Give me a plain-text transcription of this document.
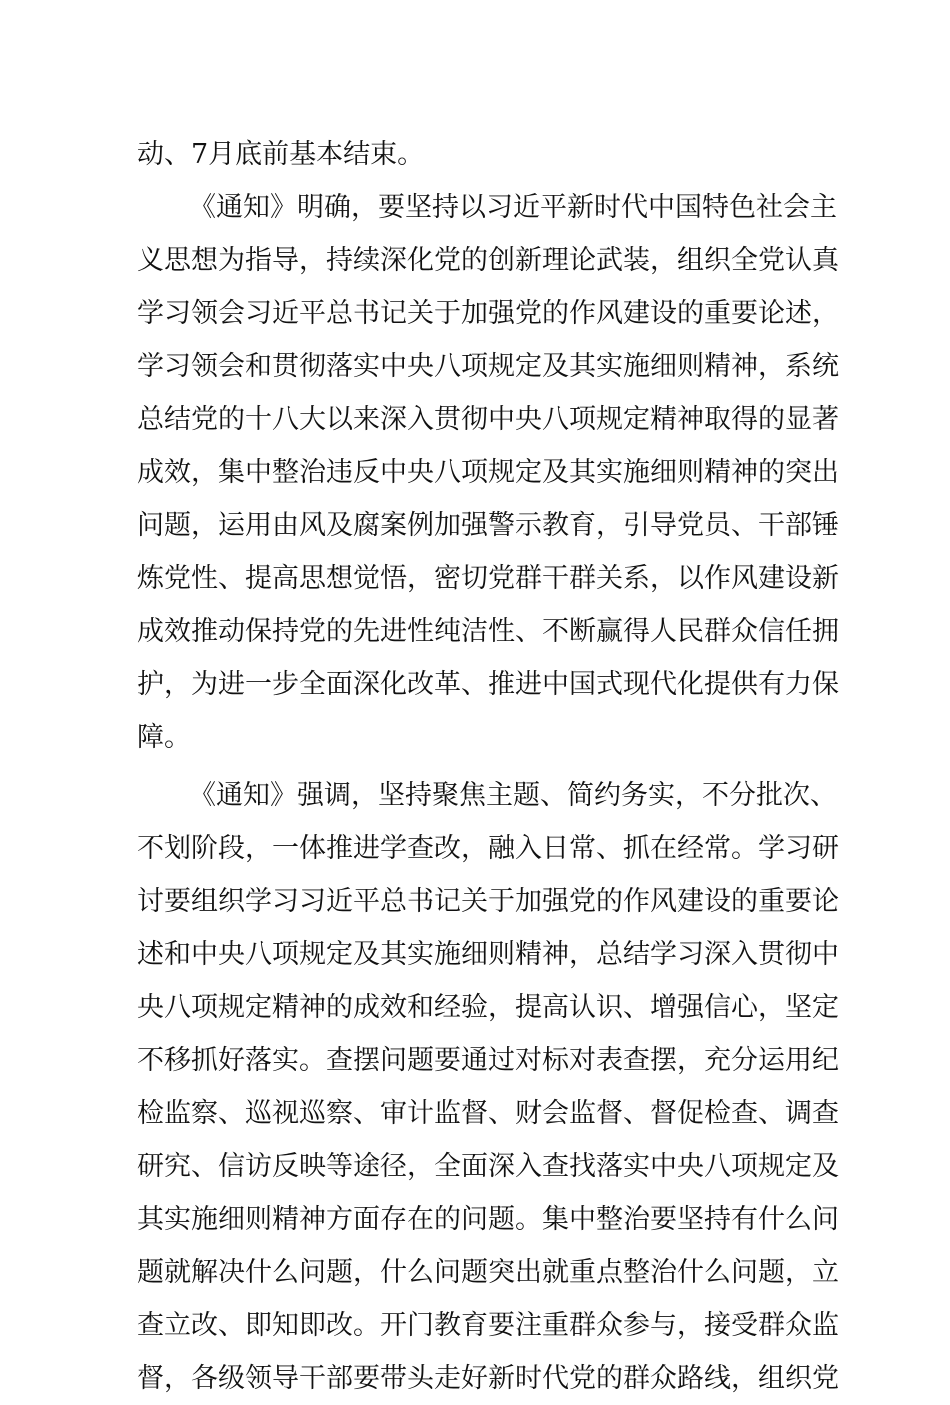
动、7月底前基本结束。
《通知》明确，要坚持以习近平新时代中国特色社会主
义思想为指导，持续深化党的创新理论武装，组织全党认真
学习领会习近平总书记关于加强党的作风建设的重要论述，
学习领会和贯彻落实中央八项规定及其实施细则精神，系统
总结党的十八大以来深入贯彻中央八项规定精神取得的显著
成效，集中整治违反中央八项规定及其实施细则精神的突出
问题，运用由风及腐案例加强警示教育，引导党员、干部锤
炼党性、提高思想觉悟，密切党群干群关系，以作风建设新
成效推动保持党的先进性纯洁性、不断赢得人民群众信任拥
护，为进一步全面深化改革、推进中国式现代化提供有力保
障。
《通知》强调，坚持聚焦主题、简约务实，不分批次、
不划阶段，一体推进学查改，融入日常、抓在经常。学习研
讨要组织学习习近平总书记关于加强党的作风建设的重要论
述和中央八项规定及其实施细则精神，总结学习深入贯彻中
央八项规定精神的成效和经验，提高认识、增强信心，坚定
不移抓好落实。查摆问题要通过对标对表查摆，充分运用纪
检监察、巡视巡察、审计监督、财会监督、督促检查、调查
研究、信访反映等途径，全面深入查找落实中央八项规定及
其实施细则精神方面存在的问题。集中整治要坚持有什么问
题就解决什么问题，什么问题突出就重点整治什么问题，立
查立改、即知即改。开门教育要注重群众参与，接受群众监
督，各级领导干部要带头走好新时代党的群众路线，组织党
